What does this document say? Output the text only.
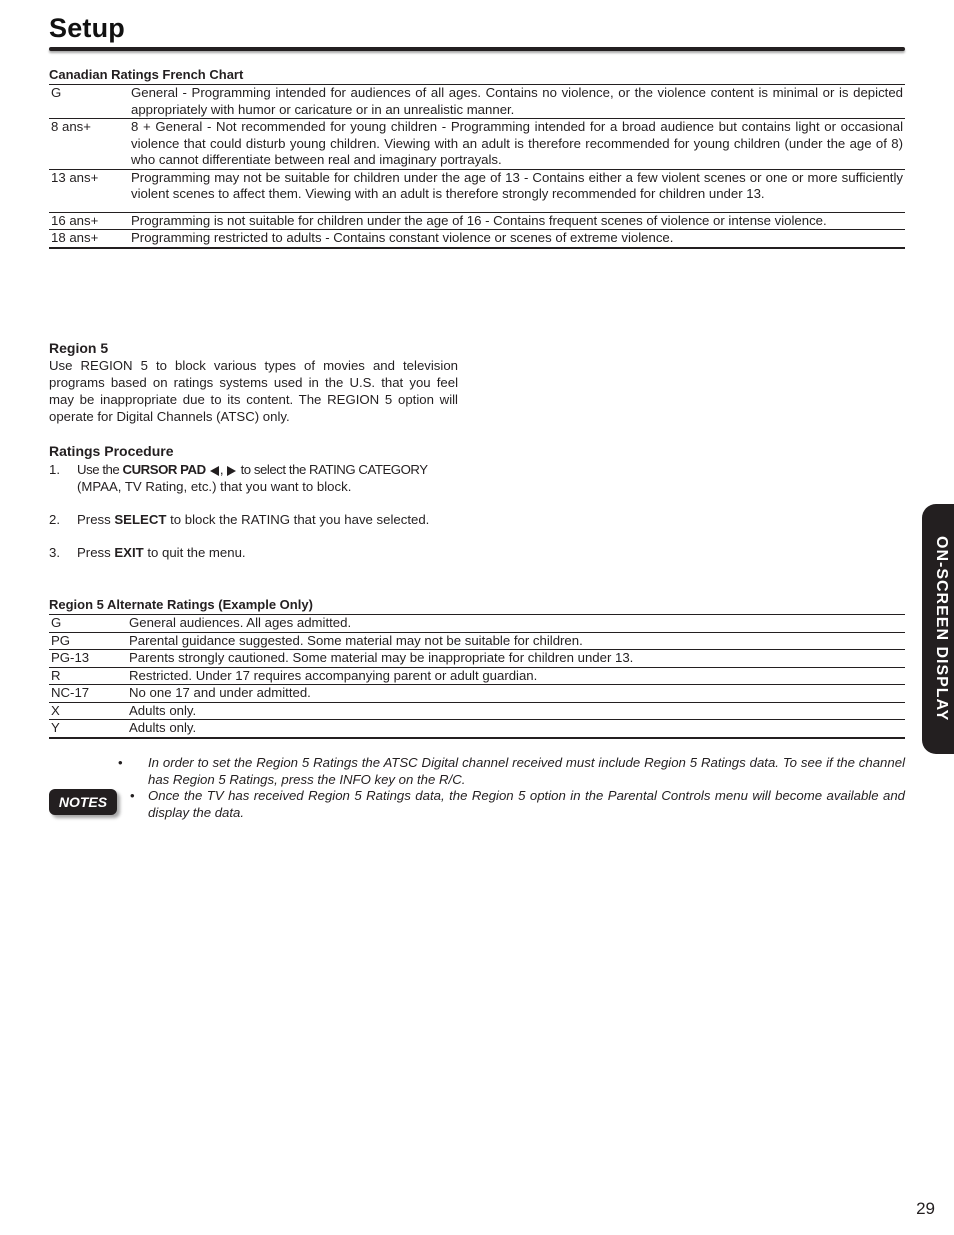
Setup
Canadian Ratings French Chart
G	General - Programming intended for audiences of all ages. Contains no violence, or the violence content is minimal or is depicted appropriately with humor or caricature or in an unrealistic manner.
8 ans+	8 + General - Not recommended for young children - Programming intended for a broad audience but contains light or occasional violence that could disturb young children. Viewing with an adult is therefore recommended for young children (under the age of 8) who cannot differentiate between real and imaginary portrayals.
13 ans+	Programming may not be suitable for children under the age of 13 - Contains either a few violent scenes or one or more sufficiently violent scenes to affect them. Viewing with an adult is therefore strongly recommended for children under 13.
16 ans+	Programming is not suitable for children under the age of 16 - Contains frequent scenes of violence or intense violence.
18 ans+	Programming restricted to adults - Contains constant violence or scenes of extreme violence.

Region 5

Use REGION 5 to block various types of movies and television programs based on ratings systems used in the U.S. that you feel may be inappropriate due to its content. The REGION 5 option will operate for Digital Channels (ATSC) only.

Ratings Procedure

1. Use the CURSOR PAD ,  to select the RATING CATEGORY
(MPAA, TV Rating, etc.) that you want to block.
2. Press SELECT to block the RATING that you have selected.
3. Press EXIT to quit the menu.
Region 5 Alternate Ratings (Example Only)
G	General audiences. All ages admitted.
PG	Parental guidance suggested. Some material may not be suitable for children.
PG-13	Parents strongly cautioned. Some material may be inappropriate for children under 13.
R	Restricted. Under 17 requires accompanying parent or adult guardian.
NC-17	No one 17 and under admitted.
X	Adults only.
Y	Adults only.
NOTES
• In order to set the Region 5 Ratings the ATSC Digital channel received must include Region 5 Ratings data. To see if the channel has Region 5 Ratings, press the INFO key on the R/C.
• Once the TV has received Region 5 Ratings data, the Region 5 option in the Parental Controls menu will become available and display the data.
ON-SCREEN DISPLAY
29
